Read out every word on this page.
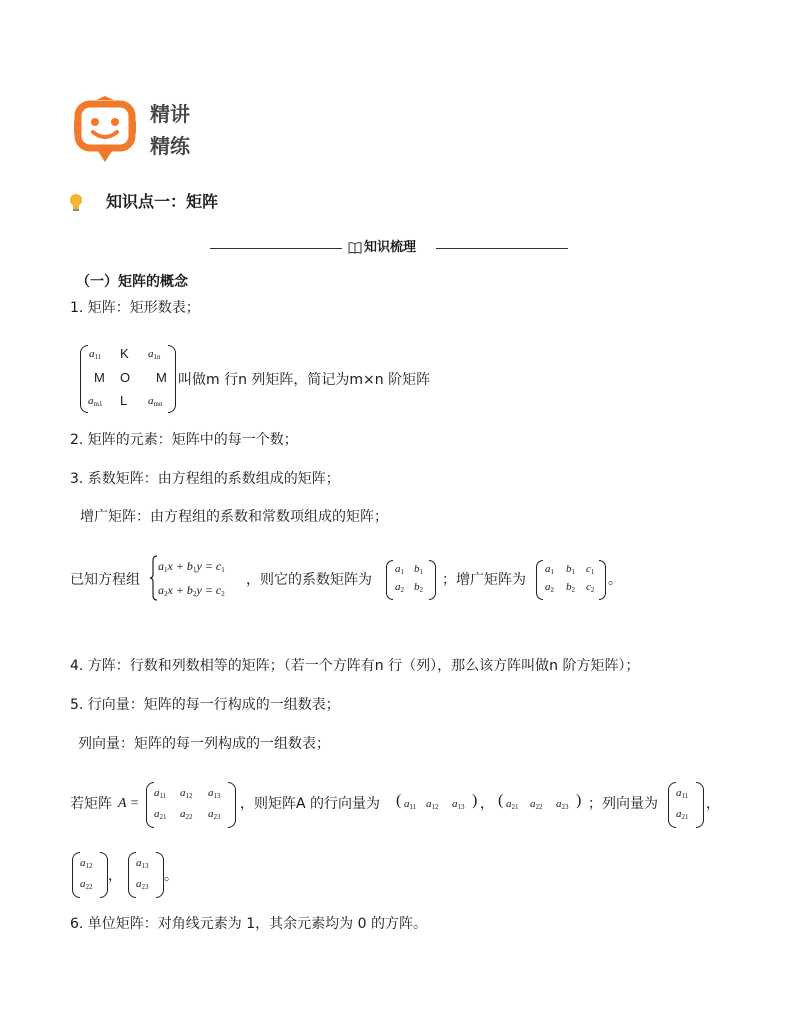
精讲
精练
知识点一：矩阵
知识梳理
（一）矩阵的概念
1. 矩阵：矩形数表；
$a_{11}$ K $a_{1n}$
M O M
$a_{m1}$ L $a_{mn}$
叫做m 行n 列矩阵，简记为m×n 阶矩阵
2. 矩阵的元素：矩阵中的每一个数；
3. 系数矩阵：由方程组的系数组成的矩阵；
增广矩阵：由方程组的系数和常数项组成的矩阵；
已知方程组
$a_1x + b_1y = c_1$
$a_2x + b_2y = c_2$
，则它的系数矩阵为
$a_1$ $b_1$
$a_2$ $b_2$
；增广矩阵为
$a_1$ $b_1$ $c_1$
$a_2$ $b_2$ $c_2$
。
4. 方阵：行数和列数相等的矩阵；（若一个方阵有n 行（列），那么该方阵叫做n 阶方矩阵）；
5. 行向量：矩阵的每一行构成的一组数表；
列向量：矩阵的每一列构成的一组数表；
若矩阵 A =
$a_{11}$ $a_{12}$ $a_{13}$
$a_{21}$ $a_{22}$ $a_{23}$
，则矩阵A 的行向量为 ( $a_{11}$ $a_{12}$ $a_{13}$ ) ， ( $a_{21}$ $a_{22}$ $a_{23}$ ) ；列向量为
$a_{11}$
$a_{21}$
，
$a_{12}$
$a_{22}$
，
$a_{13}$
$a_{23}$
。
6. 单位矩阵：对角线元素为 1，其余元素均为 0 的方阵。
